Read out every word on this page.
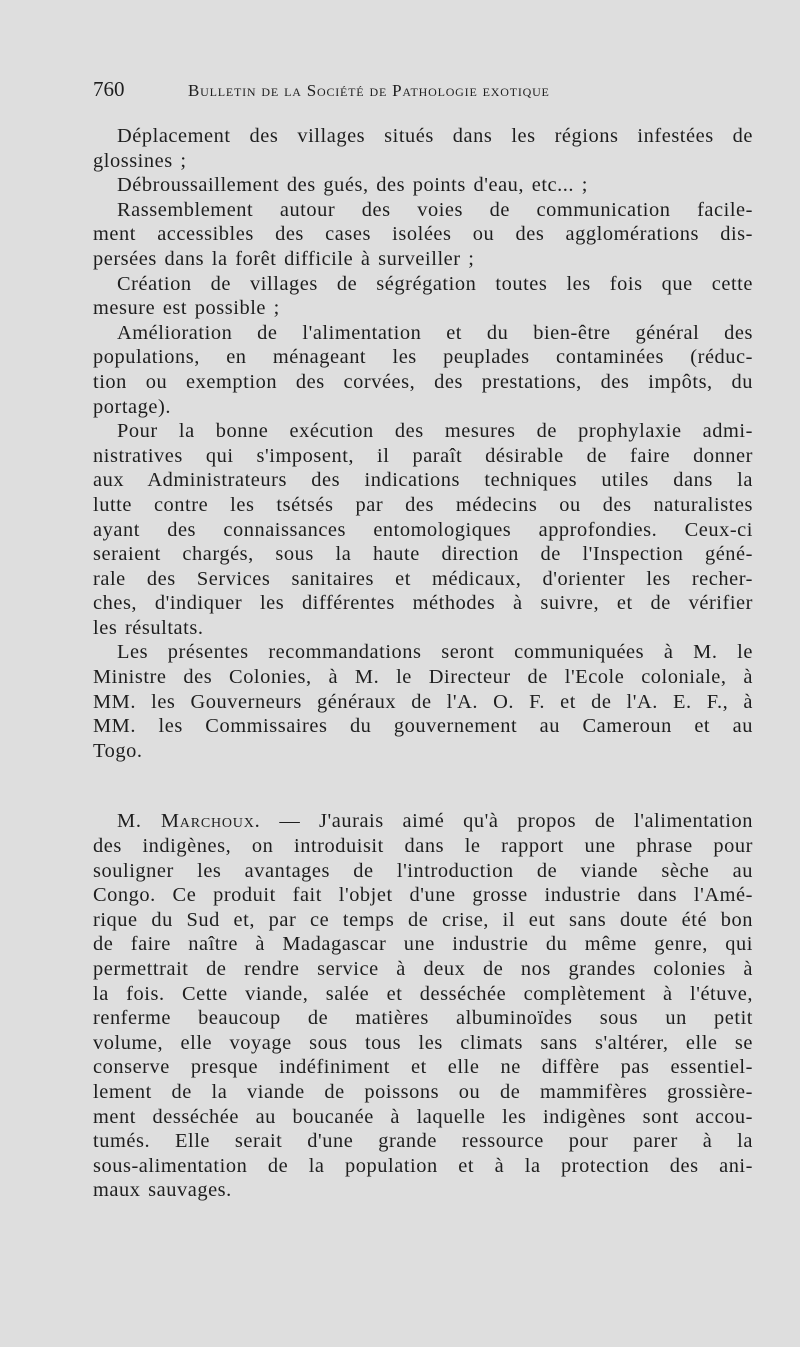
760	Bulletin de la Société de Pathologie exotique
Déplacement des villages situés dans les régions infestées de
glossines ;
Débroussaillement des gués, des points d'eau, etc... ;
Rassemblement autour des voies de communication facile-
ment accessibles des cases isolées ou des agglomérations dis-
persées dans la forêt difficile à surveiller ;
Création de villages de ségrégation toutes les fois que cette
mesure est possible ;
Amélioration de l'alimentation et du bien-être général des
populations, en ménageant les peuplades contaminées (réduc-
tion ou exemption des corvées, des prestations, des impôts, du
portage).
Pour la bonne exécution des mesures de prophylaxie admi-
nistratives qui s'imposent, il paraît désirable de faire donner
aux Administrateurs des indications techniques utiles dans la
lutte contre les tsétsés par des médecins ou des naturalistes
ayant des connaissances entomologiques approfondies. Ceux-ci
seraient chargés, sous la haute direction de l'Inspection géné-
rale des Services sanitaires et médicaux, d'orienter les recher-
ches, d'indiquer les différentes méthodes à suivre, et de vérifier
les résultats.
Les présentes recommandations seront communiquées à M. le
Ministre des Colonies, à M. le Directeur de l'Ecole coloniale, à
MM. les Gouverneurs généraux de l'A. O. F. et de l'A. E. F., à
MM. les Commissaires du gouvernement au Cameroun et au
Togo.
M. Marchoux. — J'aurais aimé qu'à propos de l'alimentation
des indigènes, on introduisit dans le rapport une phrase pour
souligner les avantages de l'introduction de viande sèche au
Congo. Ce produit fait l'objet d'une grosse industrie dans l'Amé-
rique du Sud et, par ce temps de crise, il eut sans doute été bon
de faire naître à Madagascar une industrie du même genre, qui
permettrait de rendre service à deux de nos grandes colonies à
la fois. Cette viande, salée et desséchée complètement à l'étuve,
renferme beaucoup de matières albuminoïdes sous un petit
volume, elle voyage sous tous les climats sans s'altérer, elle se
conserve presque indéfiniment et elle ne diffère pas essentiel-
lement de la viande de poissons ou de mammifères grossière-
ment desséchée au boucanée à laquelle les indigènes sont accou-
tumés. Elle serait d'une grande ressource pour parer à la
sous-alimentation de la population et à la protection des ani-
maux sauvages.
